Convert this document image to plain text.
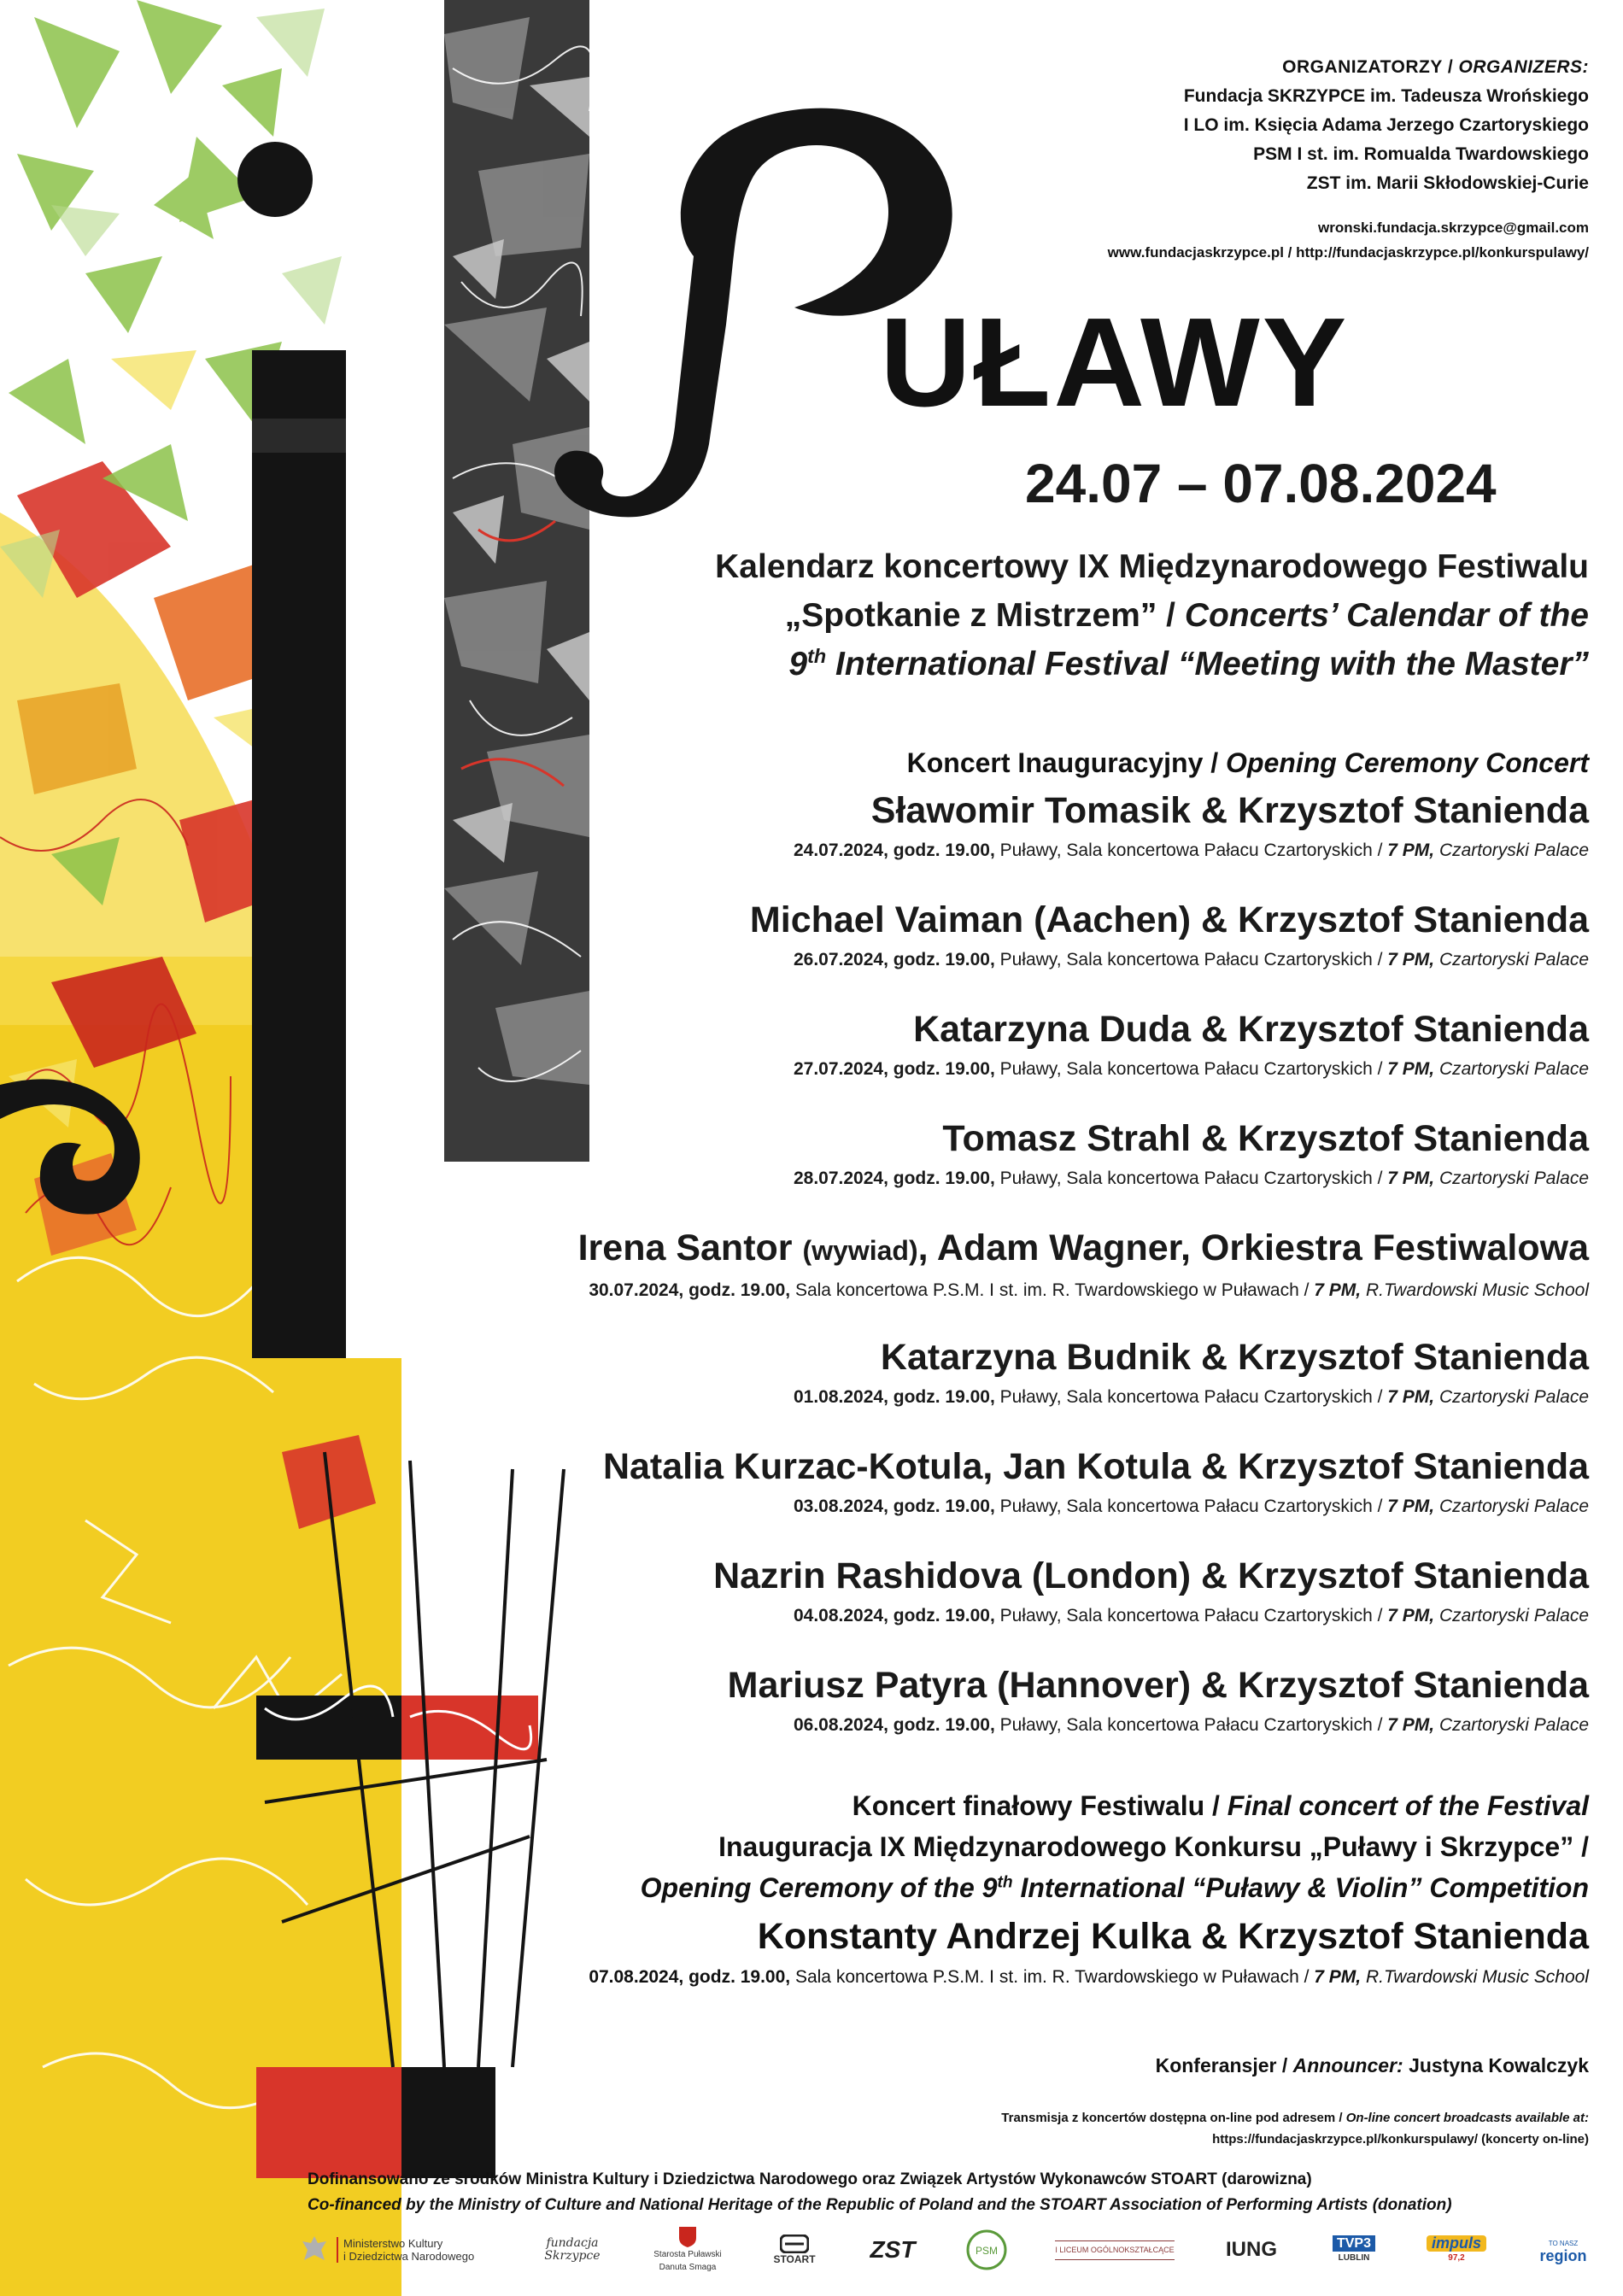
ORGANIZATORZY / ORGANIZERS:
Fundacja SKRZYPCE im. Tadeusza Wrońskiego
I LO im. Księcia Adama Jerzego Czartoryskiego
PSM I st. im. Romualda Twardowskiego
ZST im. Marii Skłodowskiej-Curie
wronski.fundacja.skrzypce@gmail.com
www.fundacjaskrzypce.pl / http://fundacjaskrzypce.pl/konkurspulawy/
UŁAWY
24.07 – 07.08.2024
Kalendarz koncertowy IX Międzynarodowego Festiwalu
„Spotkanie z Mistrzem” / Concerts’ Calendar of the
9th International Festival “Meeting with the Master”
Koncert Inauguracyjny / Opening Ceremony Concert
Sławomir Tomasik & Krzysztof Stanienda
24.07.2024, godz. 19.00, Puławy, Sala koncertowa Pałacu Czartoryskich / 7 PM, Czartoryski Palace
Michael Vaiman (Aachen) & Krzysztof Stanienda
26.07.2024, godz. 19.00, Puławy, Sala koncertowa Pałacu Czartoryskich / 7 PM, Czartoryski Palace
Katarzyna Duda & Krzysztof Stanienda
27.07.2024, godz. 19.00, Puławy, Sala koncertowa Pałacu Czartoryskich / 7 PM, Czartoryski Palace
Tomasz Strahl & Krzysztof Stanienda
28.07.2024, godz. 19.00, Puławy, Sala koncertowa Pałacu Czartoryskich / 7 PM, Czartoryski Palace
Irena Santor (wywiad), Adam Wagner, Orkiestra Festiwalowa
30.07.2024, godz. 19.00, Sala koncertowa P.S.M. I st. im. R. Twardowskiego w Puławach / 7 PM, R.Twardowski Music School
Katarzyna Budnik & Krzysztof Stanienda
01.08.2024, godz. 19.00, Puławy, Sala koncertowa Pałacu Czartoryskich / 7 PM, Czartoryski Palace
Natalia Kurzac-Kotula, Jan Kotula & Krzysztof Stanienda
03.08.2024, godz. 19.00, Puławy, Sala koncertowa Pałacu Czartoryskich / 7 PM, Czartoryski Palace
Nazrin Rashidova (London) & Krzysztof Stanienda
04.08.2024, godz. 19.00, Puławy, Sala koncertowa Pałacu Czartoryskich / 7 PM, Czartoryski Palace
Mariusz Patyra (Hannover) & Krzysztof Stanienda
06.08.2024, godz. 19.00, Puławy, Sala koncertowa Pałacu Czartoryskich / 7 PM, Czartoryski Palace
Koncert finałowy Festiwalu / Final concert of the Festival
Inauguracja IX Międzynarodowego Konkursu „Puławy i Skrzypce” /
Opening Ceremony of the 9th International “Puławy & Violin” Competition
Konstanty Andrzej Kulka & Krzysztof Stanienda
07.08.2024, godz. 19.00, Sala koncertowa P.S.M. I st. im. R. Twardowskiego w Puławach / 7 PM, R.Twardowski Music School
Konferansjer / Announcer: Justyna Kowalczyk
Transmisja z koncertów dostępna on-line pod adresem / On-line concert broadcasts available at:
https://fundacjaskrzypce.pl/konkurspulawy/ (koncerty on-line)
Dofinansowano ze środków Ministra Kultury i Dziedzictwa Narodowego oraz Związek Artystów Wykonawców STOART (darowizna)
Co-financed by the Ministry of Culture and National Heritage of the Republic of Poland and the STOART Association of Performing Artists (donation)
Ministerstwo Kultury
i Dziedzictwa Narodowego
fundacja Skrzypce	Starosta Puławski
Danuta Smaga
STOART ZST	PSM	I LICEUM OGÓLNOKSZTAŁCĄCE	IUNG	TVP3
LUBLIN
impuls
97,2
TO NASZ
region
